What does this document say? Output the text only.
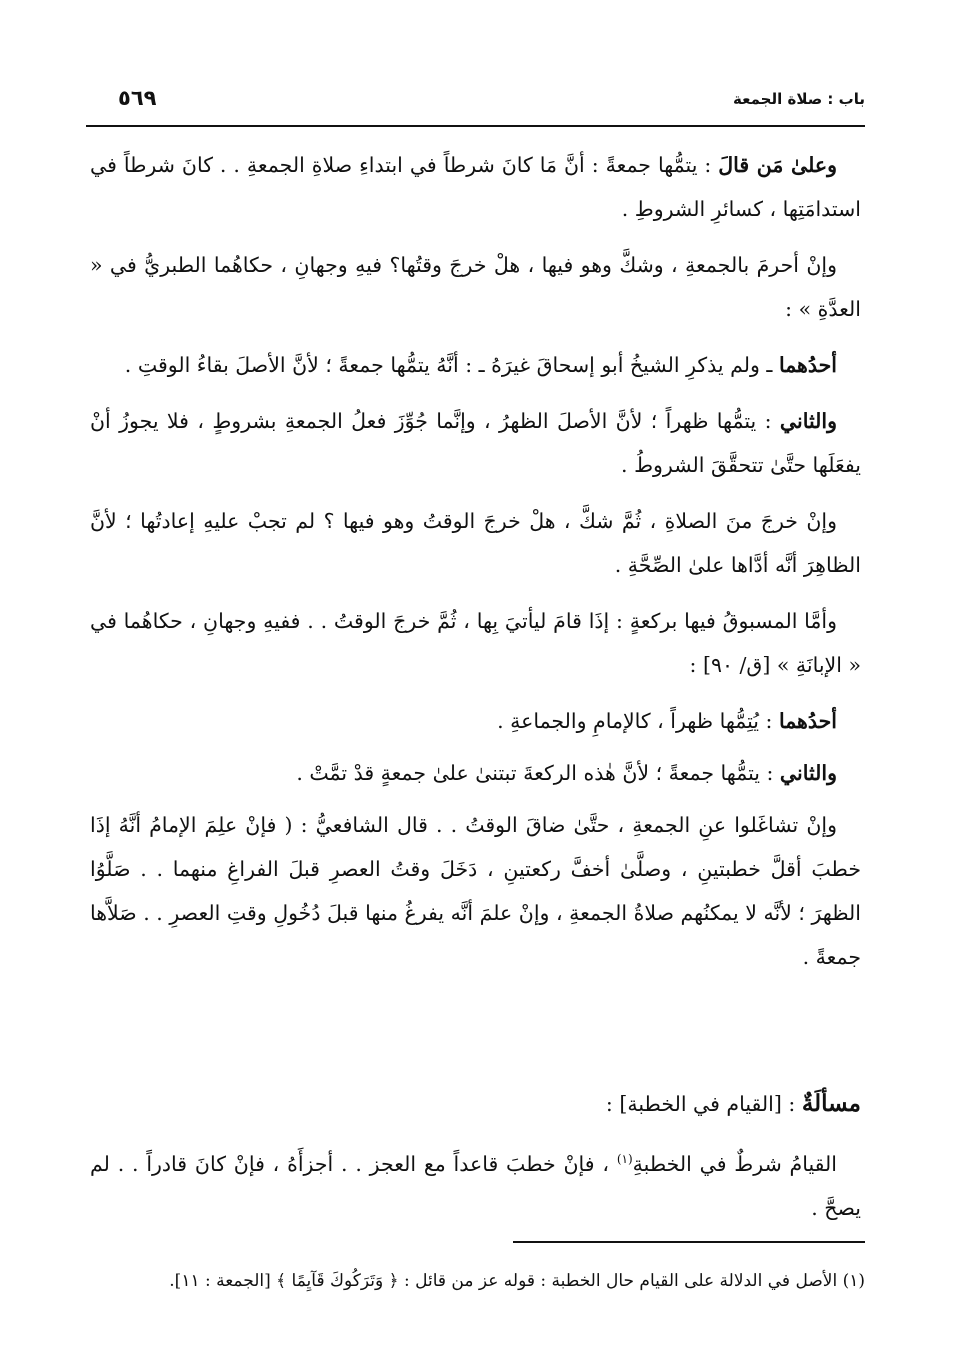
باب : صلاة الجمعة
٥٦٩

وعلىٰ مَن قالَ : يتمُّها جمعةً : أنَّ مَا كانَ شرطاً في ابتداءِ صلاةِ الجمعةِ . . كانَ شرطاً في استدامَتِها ، كسائرِ الشروطِ .

وإنْ أحرمَ بالجمعةِ ، وشكَّ وهو فيها ، هلْ خرجَ وقتُها؟ فيهِ وجهانِ ، حكاهُما الطبريُّ في « العدَّةِ » :

أحدُهما ـ ولم يذكرِ الشيخُ أبو إسحاقَ غيرَهُ ـ : أنَّهُ يتمُّها جمعةً ؛ لأنَّ الأصلَ بقاءُ الوقتِ .

والثاني : يتمُّها ظهراً ؛ لأنَّ الأصلَ الظهرُ ، وإنَّما جُوِّزَ فعلُ الجمعةِ بشروطٍ ، فلا يجوزُ أنْ يفعَلَها حتَّىٰ تتحقَّقَ الشروطُ .

وإنْ خرجَ منَ الصلاةِ ، ثُمَّ شكَّ ، هلْ خرجَ الوقتُ وهو فيها ؟ لم تجبْ عليهِ إعادتُها ؛ لأنَّ الظاهِرَ أنَّه أدَّاها علىٰ الصِّحَّةِ .

وأمَّا المسبوقُ فيها بركعةٍ : إذَا قامَ ليأتيَ بِها ، ثُمَّ خرجَ الوقتُ . . ففيهِ وجهانِ ، حكاهُما في « الإبانَةِ » [ق/ ٩٠] :

أحدُهما : يُتِمُّها ظهراً ، كالإمامِ والجماعةِ .

والثاني : يتمُّها جمعةً ؛ لأنَّ هٰذه الركعةَ تبتنىٰ علىٰ جمعةٍ قدْ تمَّتْ .

وإنْ تشاغَلوا عنِ الجمعةِ ، حتَّىٰ ضاقَ الوقتُ . . قال الشافعيُّ : ( فإنْ علِمَ الإمامُ أنَّهُ إذَا خطبَ أقلَّ خطبتينِ ، وصلَّىٰ أخفَّ ركعتينِ ، دَخَلَ وقتُ العصرِ قبلَ الفراغِ منهما . . صَلَّوُا الظهرَ ؛ لأنَّه لا يمكنُهم صلاةُ الجمعةِ ، وإنْ علمَ أنَّه يفرغُ منها قبلَ دُخُولِ وقتِ العصرِ . . صَلاَّها جمعةً .

مسألَةٌ : [القيام في الخطبة] :
القيامُ شرطٌ في الخطبةِ$^{(١)}$ ، فإنْ خطبَ قاعداً مع العجز . . أجزأَهُ ، فإنْ كانَ قادراً . . لم يصحَّ .
(١) الأصل في الدلالة على القيام حال الخطبة : قوله عز من قائل : ﴿ وَتَرَكُوكَ قَآيِمًا ﴾ [الجمعة : ١١].
